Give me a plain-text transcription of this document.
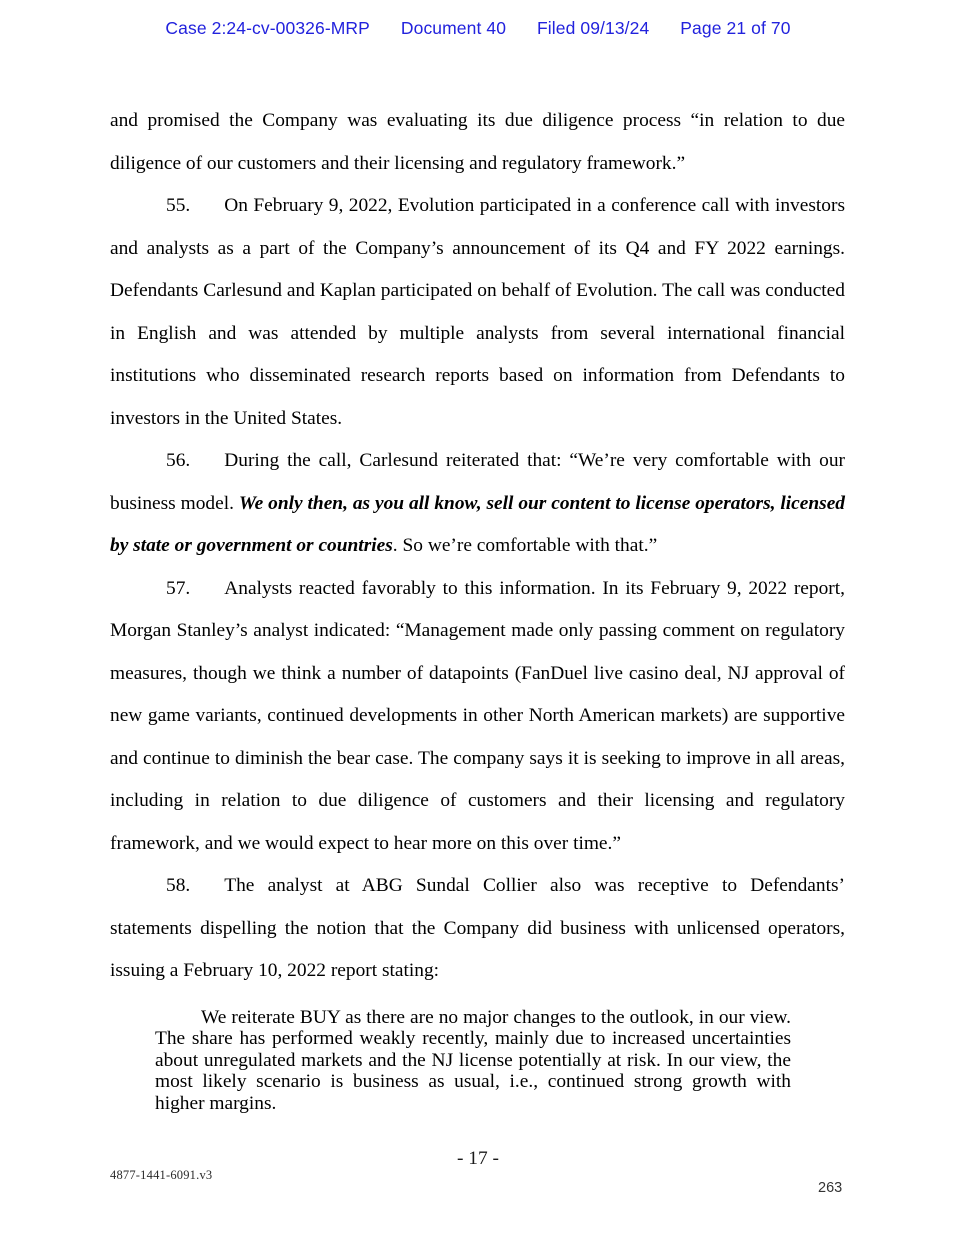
Case 2:24-cv-00326-MRP Document 40 Filed 09/13/24 Page 21 of 70

and promised the Company was evaluating its due diligence process “in relation to due diligence of our customers and their licensing and regulatory framework.”

55. On February 9, 2022, Evolution participated in a conference call with investors and analysts as a part of the Company’s announcement of its Q4 and FY 2022 earnings. Defendants Carlesund and Kaplan participated on behalf of Evolution. The call was conducted in English and was attended by multiple analysts from several international financial institutions who disseminated research reports based on information from Defendants to investors in the United States.

56. During the call, Carlesund reiterated that: “We’re very comfortable with our business model. We only then, as you all know, sell our content to license operators, licensed by state or government or countries. So we’re comfortable with that.”

57. Analysts reacted favorably to this information. In its February 9, 2022 report, Morgan Stanley’s analyst indicated: “Management made only passing comment on regulatory measures, though we think a number of datapoints (FanDuel live casino deal, NJ approval of new game variants, continued developments in other North American markets) are supportive and continue to diminish the bear case. The company says it is seeking to improve in all areas, including in relation to due diligence of customers and their licensing and regulatory framework, and we would expect to hear more on this over time.”

58. The analyst at ABG Sundal Collier also was receptive to Defendants’ statements dispelling the notion that the Company did business with unlicensed operators, issuing a February 10, 2022 report stating:

We reiterate BUY as there are no major changes to the outlook, in our view. The share has performed weakly recently, mainly due to increased uncertainties about unregulated markets and the NJ license potentially at risk. In our view, the most likely scenario is business as usual, i.e., continued strong growth with higher margins.
- 17 -
4877-1441-6091.v3
263
